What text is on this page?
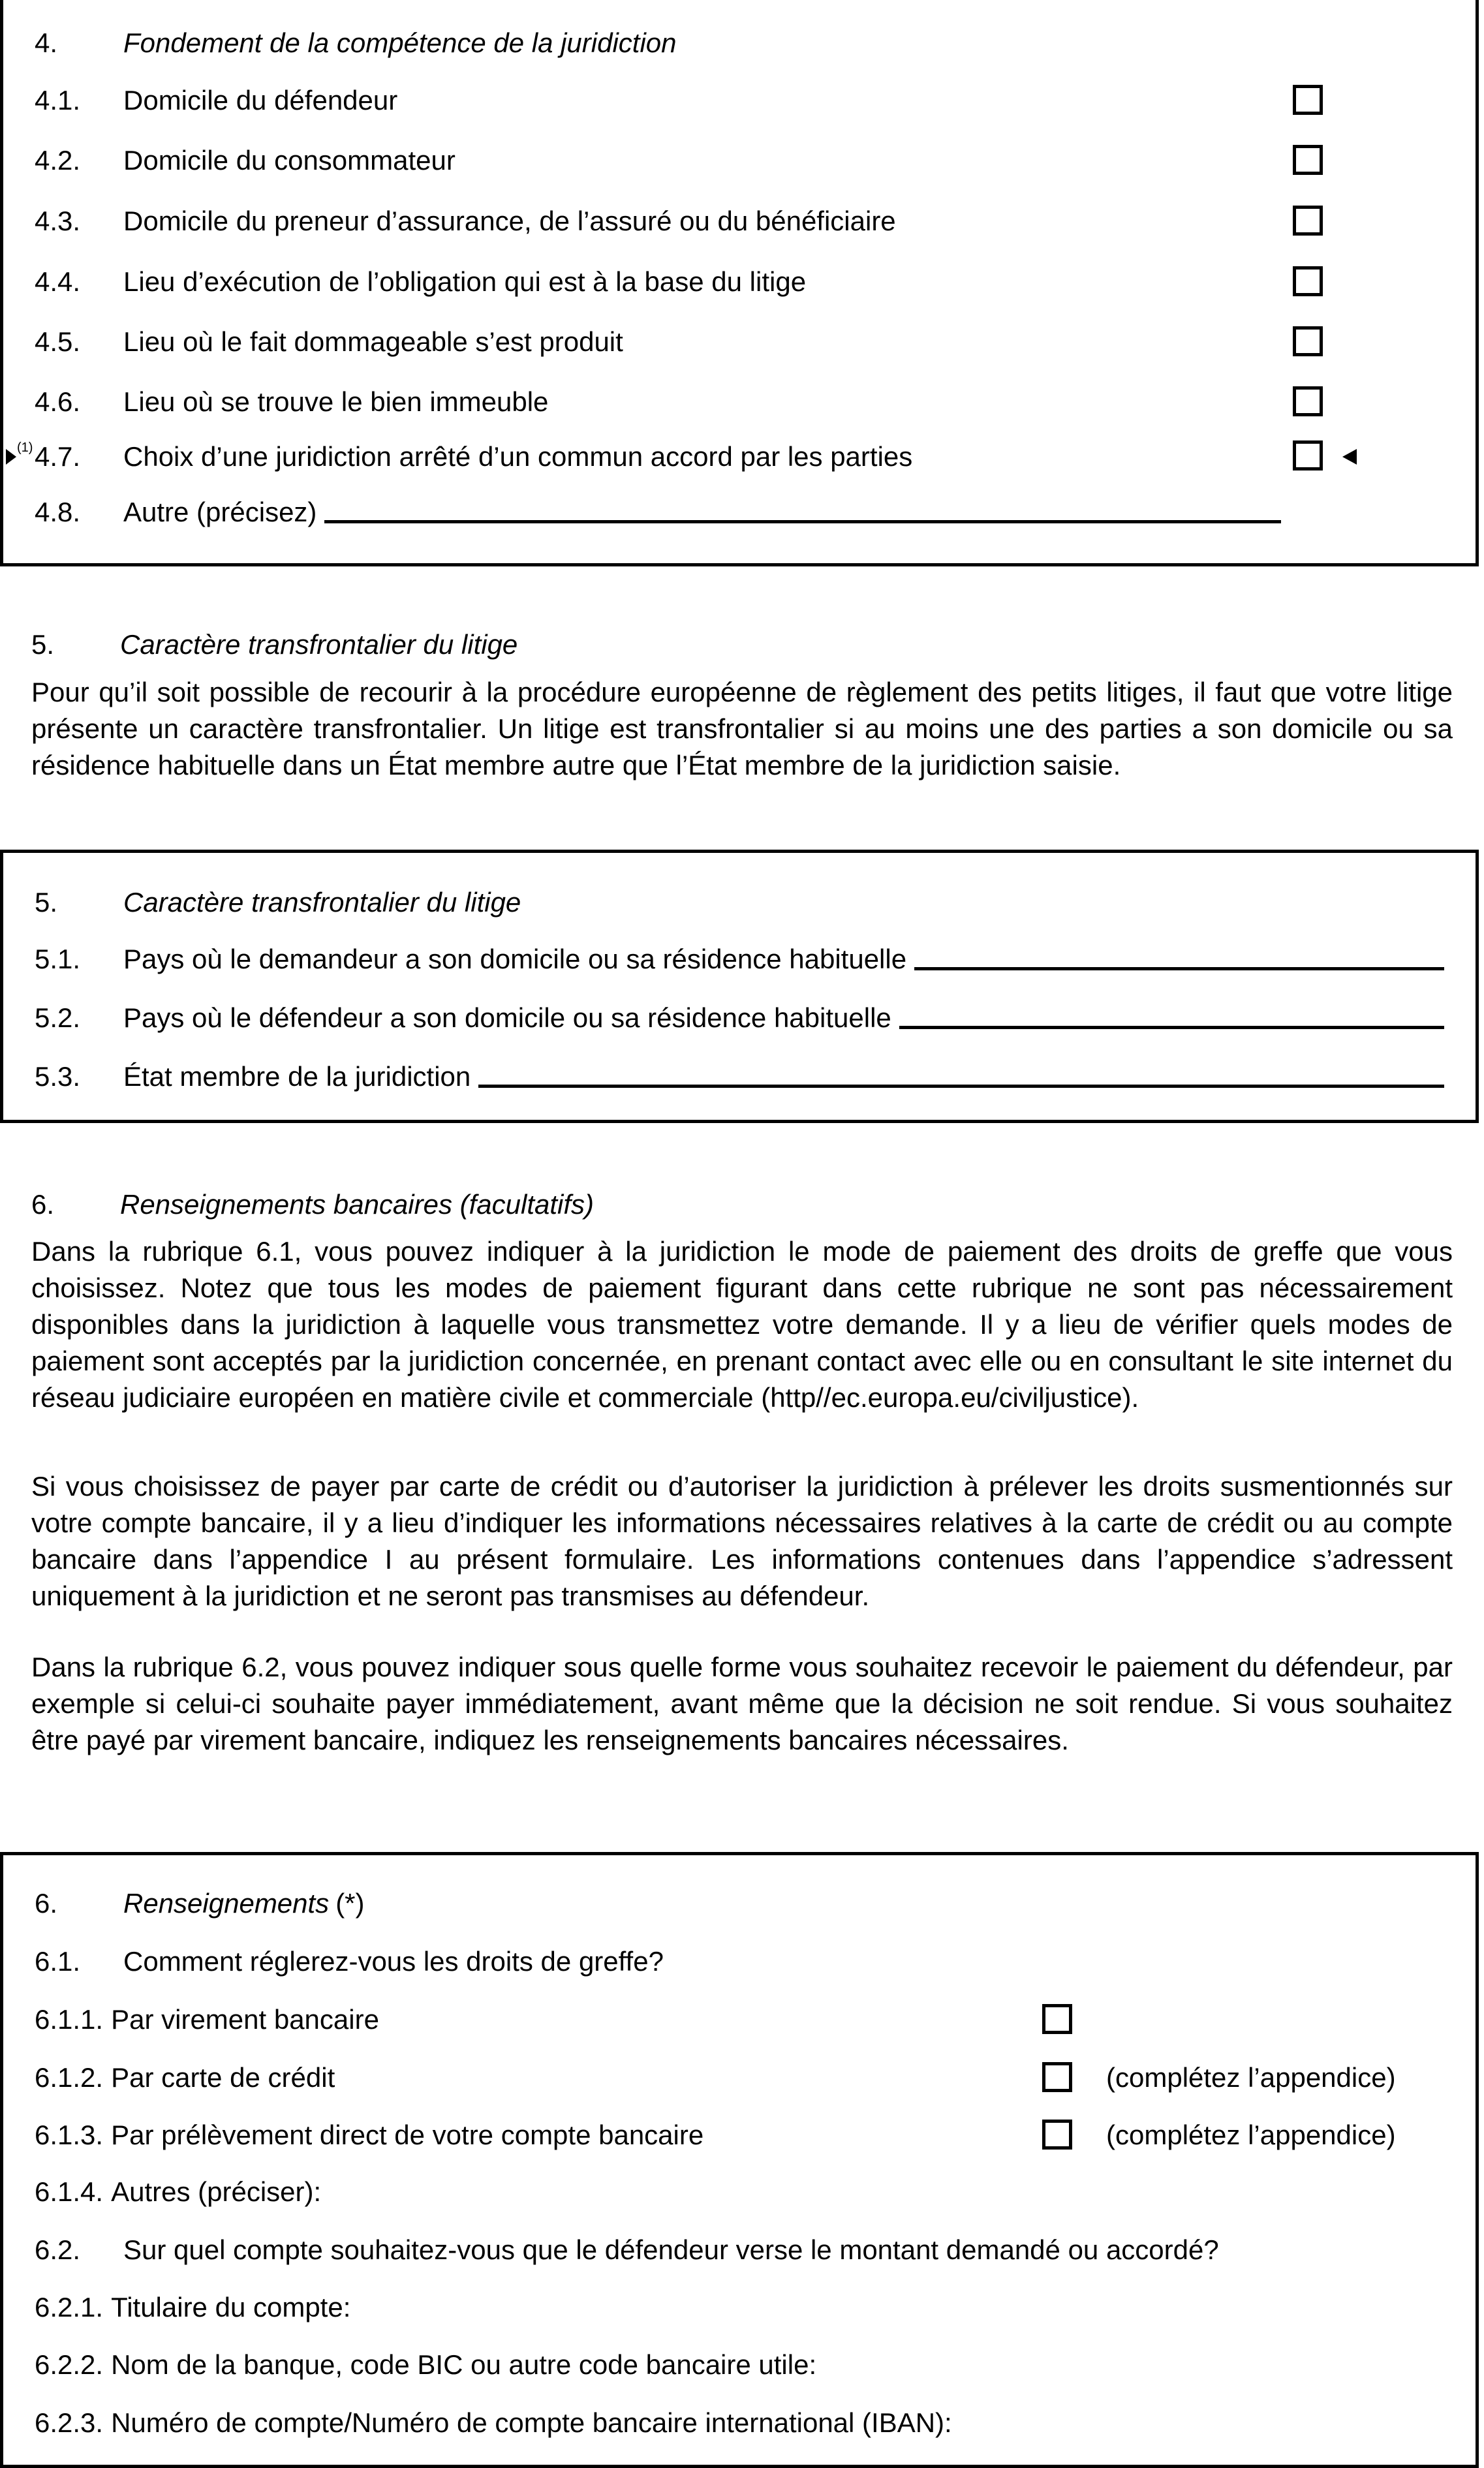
4.	Fondement de la compétence de la juridiction
4.1.	Domicile du défendeur
4.2.	Domicile du consommateur
4.3.	Domicile du preneur d’assurance, de l’assuré ou du bénéficiaire
4.4.	Lieu d’exécution de l’obligation qui est à la base du litige
4.5.	Lieu où le fait dommageable s’est produit
4.6.	Lieu où se trouve le bien immeuble
(1) 4.7.	Choix d’une juridiction arrêté d’un commun accord par les parties
4.8.	Autre (précisez)
5.	Caractère transfrontalier du litige
Pour qu’il soit possible de recourir à la procédure européenne de règlement des petits litiges, il faut que votre litige présente un caractère transfrontalier. Un litige est transfrontalier si au moins une des parties a son domicile ou sa résidence habituelle dans un État membre autre que l’État membre de la juridiction saisie.
5.	Caractère transfrontalier du litige
5.1.	Pays où le demandeur a son domicile ou sa résidence habituelle
5.2.	Pays où le défendeur a son domicile ou sa résidence habituelle
5.3.	État membre de la juridiction
6.	Renseignements bancaires (facultatifs)
Dans la rubrique 6.1, vous pouvez indiquer à la juridiction le mode de paiement des droits de greffe que vous choisissez. Notez que tous les modes de paiement figurant dans cette rubrique ne sont pas nécessairement disponibles dans la juridiction à laquelle vous transmettez votre demande. Il y a lieu de vérifier quels modes de paiement sont acceptés par la juridiction concernée, en prenant contact avec elle ou en consultant le site internet du réseau judiciaire européen en matière civile et commerciale (http//ec.europa.eu/civiljustice).
Si vous choisissez de payer par carte de crédit ou d’autoriser la juridiction à prélever les droits susmentionnés sur votre compte bancaire, il y a lieu d’indiquer les informations nécessaires relatives à la carte de crédit ou au compte bancaire dans l’appendice I au présent formulaire. Les informations contenues dans l’appendice s’adressent uniquement à la juridiction et ne seront pas transmises au défendeur.
Dans la rubrique 6.2, vous pouvez indiquer sous quelle forme vous souhaitez recevoir le paiement du défendeur, par exemple si celui-ci souhaite payer immédiatement, avant même que la décision ne soit rendue. Si vous souhaitez être payé par virement bancaire, indiquez les renseignements bancaires nécessaires.
6.	Renseignements (*)
6.1.	Comment réglerez-vous les droits de greffe?
6.1.1. Par virement bancaire
6.1.2. Par carte de crédit	(complétez l’appendice)
6.1.3. Par prélèvement direct de votre compte bancaire	(complétez l’appendice)
6.1.4. Autres (préciser):
6.2.	Sur quel compte souhaitez-vous que le défendeur verse le montant demandé ou accordé?
6.2.1. Titulaire du compte:
6.2.2. Nom de la banque, code BIC ou autre code bancaire utile:
6.2.3. Numéro de compte/Numéro de compte bancaire international (IBAN):
